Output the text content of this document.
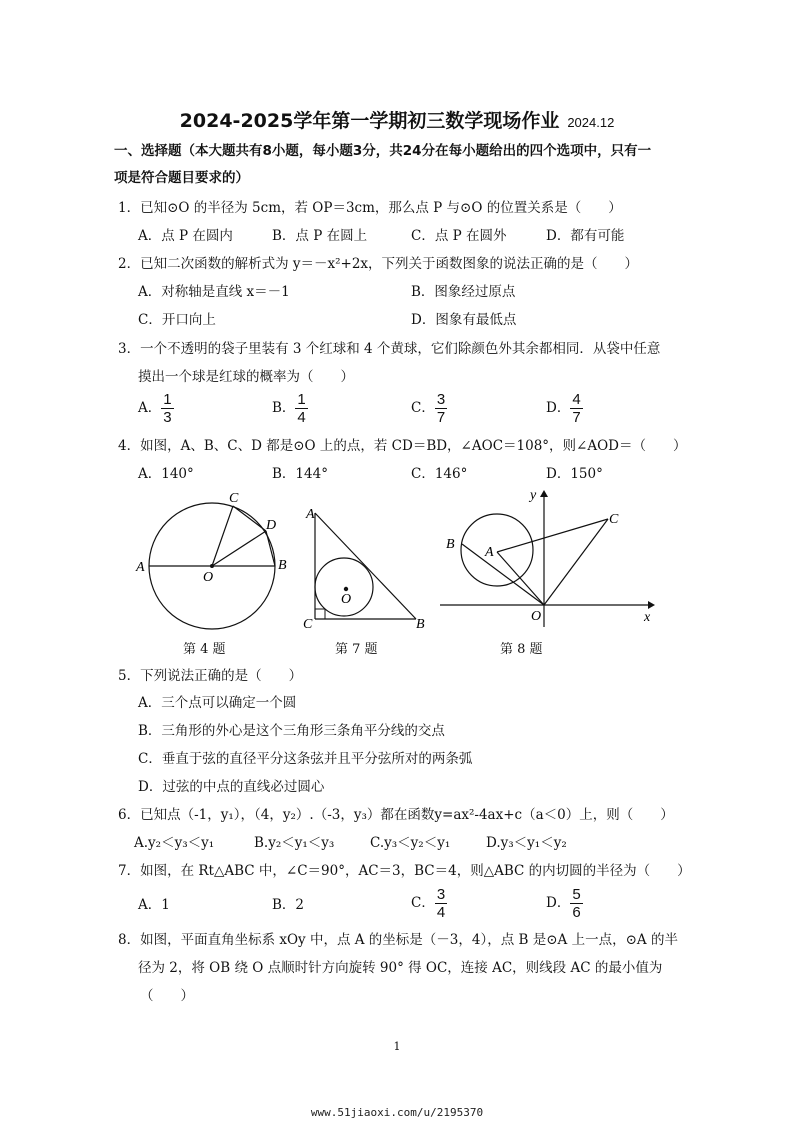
2024-2025学年第一学期初三数学现场作业 2024.12
一、选择题（本大题共有8小题，每小题3分，共24分在每小题给出的四个选项中，只有一
项是符合题目要求的）
1．已知⊙O 的半径为 5cm，若 OP＝3cm，那么点 P 与⊙O 的位置关系是（　　）
A．点 P 在圆内	B．点 P 在圆上	C．点 P 在圆外	D．都有可能
2．已知二次函数的解析式为 y＝－x²+2x，下列关于函数图象的说法正确的是（　　）
A．对称轴是直线 x＝－1	B．图象经过原点
C．开口向上	D．图象有最低点
3．一个不透明的袋子里装有 3 个红球和 4 个黄球，它们除颜色外其余都相同．从袋中任意
摸出一个球是红球的概率为（　　）
A． $\frac{1}{3}$	B． $\frac{1}{4}$	C． $\frac{3}{7}$	D． $\frac{4}{7}$
4．如图，A、B、C、D 都是⊙O 上的点，若 CD＝BD，∠AOC＝108°，则∠AOD＝（　　）
A．140°	B．144°	C．146°	D．150°
A	B
C
D
O
A
B
C
O
A
B
C
O	x
y
第 4 题	第 7 题	第 8 题
5．下列说法正确的是（　　）
A．三个点可以确定一个圆
B．三角形的外心是这个三角形三条角平分线的交点
C．垂直于弦的直径平分这条弦并且平分弦所对的两条弧
D．过弦的中点的直线必过圆心
6．已知点（-1，y₁），（4，y₂）.（-3，y₃）都在函数y=ax²-4ax+c（a＜0）上，则（　　）
A.y₂＜y₃＜y₁	B.y₂＜y₁＜y₃	C.y₃＜y₂＜y₁	D.y₃＜y₁＜y₂
7．如图，在 Rt△ABC 中，∠C＝90°，AC＝3，BC＝4，则△ABC 的内切圆的半径为（　　）
A．1	B．2	C． $\frac{3}{4}$	D． $\frac{5}{6}$
8．如图，平面直角坐标系 xOy 中，点 A 的坐标是（－3，4），点 B 是⊙A 上一点，⊙A 的半
径为 2，将 OB 绕 O 点顺时针方向旋转 90° 得 OC，连接 AC，则线段 AC 的最小值为
（　　）
1
www.51jiaoxi.com/u/2195370
